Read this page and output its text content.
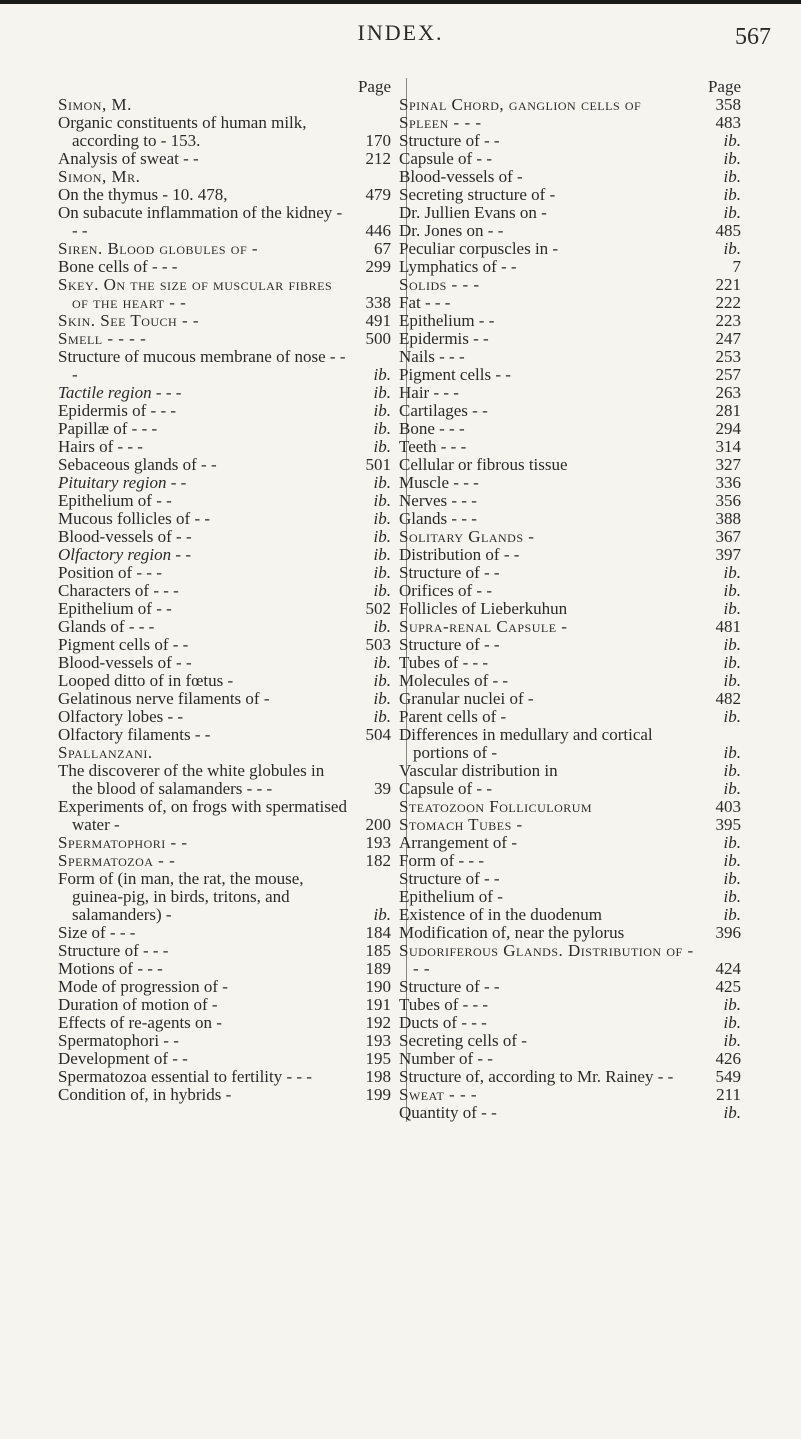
INDEX.	567
Page
Simon, M.
Organic constituents of human milk, according to - 153.	170
Analysis of sweat - -	212
Simon, Mr.
On the thymus - 10. 478,	479
On subacute inflammation of the kidney - - -	446
Siren. Blood globules of -	67
Bone cells of - - -	299
Skey. On the size of muscular fibres of the heart - -	338
Skin. See Touch - -	491
Smell - - - -	500
Structure of mucous membrane of nose - - -	ib.
Tactile region - - -	ib.
Epidermis of - - -	ib.
Papillæ of - - -	ib.
Hairs of - - -	ib.
Sebaceous glands of - -	501
Pituitary region - -	ib.
Epithelium of - -	ib.
Mucous follicles of - -	ib.
Blood-vessels of - -	ib.
Olfactory region - -	ib.
Position of - - -	ib.
Characters of - - -	ib.
Epithelium of - -	502
Glands of - - -	ib.
Pigment cells of - -	503
Blood-vessels of - -	ib.
Looped ditto of in fœtus -	ib.
Gelatinous nerve filaments of -	ib.
Olfactory lobes - -	ib.
Olfactory filaments - -	504
Spallanzani.
The discoverer of the white globules in the blood of salamanders - - -	39
Experiments of, on frogs with spermatised water -	200
Spermatophori - -	193
Spermatozoa - -	182
Form of (in man, the rat, the mouse, guinea-pig, in birds, tritons, and salamanders) -	ib.
Size of - - -	184
Structure of - - -	185
Motions of - - -	189
Mode of progression of -	190
Duration of motion of -	191
Effects of re-agents on -	192
Spermatophori - -	193
Development of - -	195
Spermatozoa essential to fertility - - -	198
Condition of, in hybrids -	199
Page
Spinal Chord, ganglion cells of	358
Spleen - - -	483
Structure of - -	ib.
Capsule of - -	ib.
Blood-vessels of -	ib.
Secreting structure of -	ib.
Dr. Jullien Evans on -	ib.
Dr. Jones on - -	485
Peculiar corpuscles in -	ib.
Lymphatics of - -	7
Solids - - -	221
Fat - - -	222
Epithelium - -	223
Epidermis - -	247
Nails - - -	253
Pigment cells - -	257
Hair - - -	263
Cartilages - -	281
Bone - - -	294
Teeth - - -	314
Cellular or fibrous tissue	327
Muscle - - -	336
Nerves - - -	356
Glands - - -	388
Solitary Glands -	367
Distribution of - -	397
Structure of - -	ib.
Orifices of - -	ib.
Follicles of Lieberkuhun	ib.
Supra-renal Capsule -	481
Structure of - -	ib.
Tubes of - - -	ib.
Molecules of - -	ib.
Granular nuclei of -	482
Parent cells of -	ib.
Differences in medullary and cortical portions of -	ib.
Vascular distribution in	ib.
Capsule of - -	ib.
Steatozoon Folliculorum	403
Stomach Tubes -	395
Arrangement of -	ib.
Form of - - -	ib.
Structure of - -	ib.
Epithelium of -	ib.
Existence of in the duodenum	ib.
Modification of, near the pylorus	396
Sudoriferous Glands. Distribution of - - -	424
Structure of - -	425
Tubes of - - -	ib.
Ducts of - - -	ib.
Secreting cells of -	ib.
Number of - -	426
Structure of, according to Mr. Rainey - -	549
Sweat - - -	211
Quantity of - -	ib.
